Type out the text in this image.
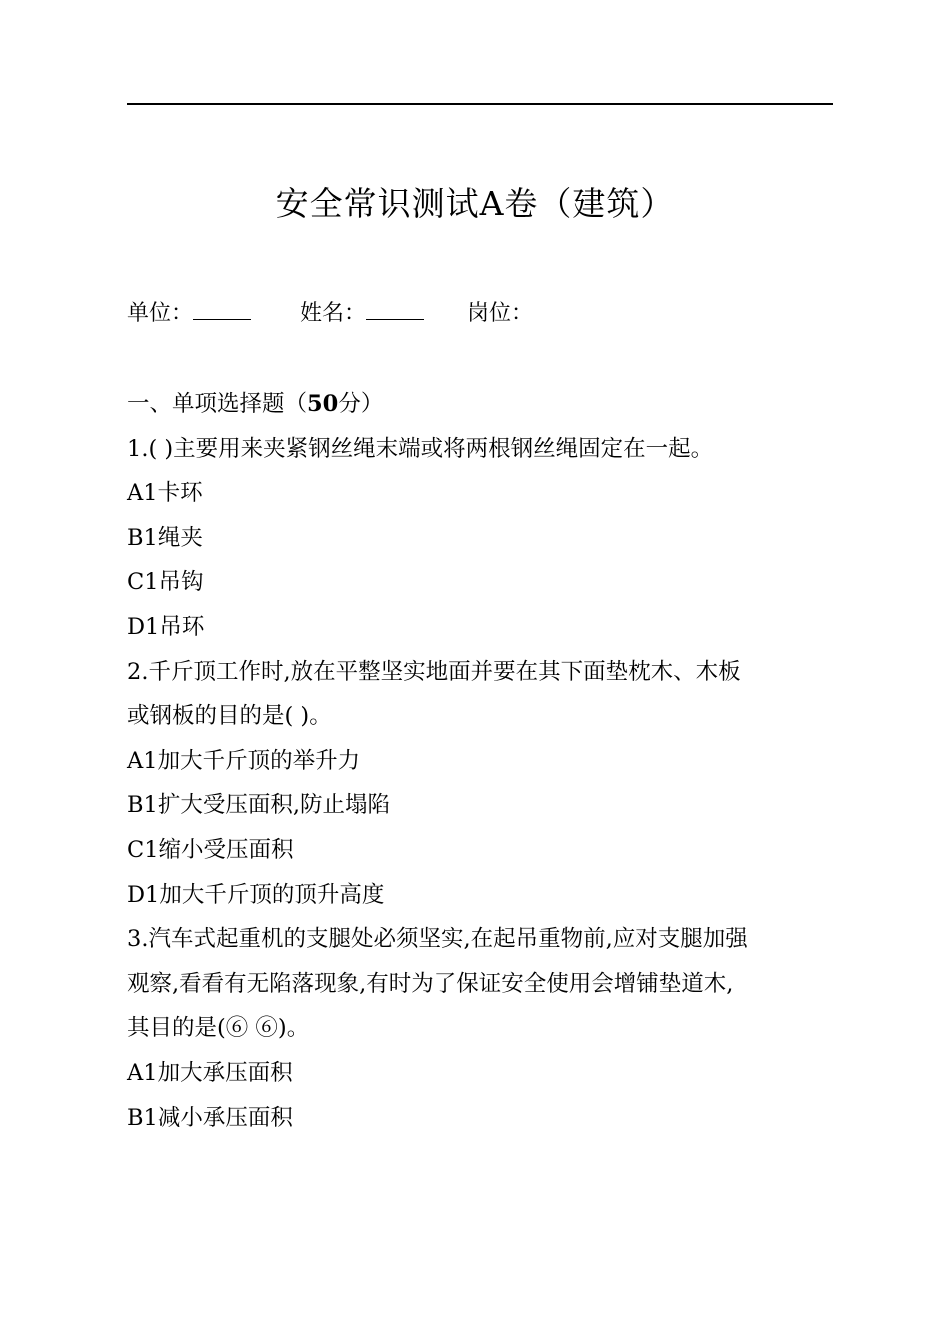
安全常识测试A卷（建筑）
单位：	姓名：	岗位：
一、单项选择题（50分）
1.( )主要用来夹紧钢丝绳末端或将两根钢丝绳固定在一起。
A1卡环
B1绳夹
C1吊钩
D1吊环
2.千斤顶工作时,放在平整坚实地面并要在其下面垫枕木、木板
或钢板的目的是( )。
A1加大千斤顶的举升力
B1扩大受压面积,防止塌陷
C1缩小受压面积
D1加大千斤顶的顶升高度
3.汽车式起重机的支腿处必须坚实,在起吊重物前,应对支腿加强
观察,看看有无陷落现象,有时为了保证安全使用会增铺垫道木,
其目的是(⑥ ⑥)。
A1加大承压面积
B1减小承压面积
